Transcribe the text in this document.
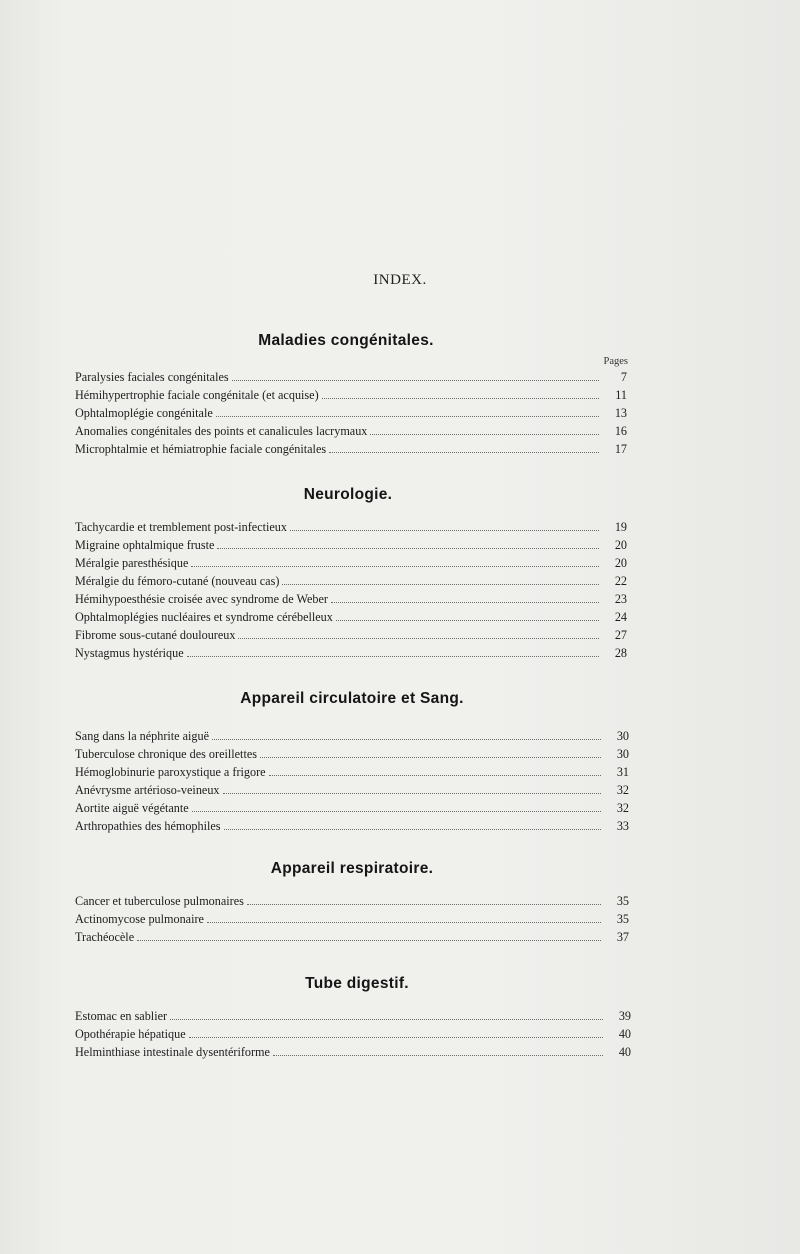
INDEX.
Maladies congénitales.
Pages
Paralysies faciales congénitales	7
Hémihypertrophie faciale congénitale (et acquise)	11
Ophtalmoplégie congénitale	13
Anomalies congénitales des points et canalicules lacrymaux	16
Microphtalmie et hémiatrophie faciale congénitales	17
Neurologie.
Tachycardie et tremblement post-infectieux	19
Migraine ophtalmique fruste	20
Méralgie paresthésique	20
Méralgie du fémoro-cutané (nouveau cas)	22
Hémihypoesthésie croisée avec syndrome de Weber	23
Ophtalmoplégies nucléaires et syndrome cérébelleux	24
Fibrome sous-cutané douloureux	27
Nystagmus hystérique	28
Appareil circulatoire et Sang.
Sang dans la néphrite aiguë	30
Tuberculose chronique des oreillettes	30
Hémoglobinurie paroxystique a frigore	31
Anévrysme artérioso-veineux	32
Aortite aiguë végétante	32
Arthropathies des hémophiles	33
Appareil respiratoire.
Cancer et tuberculose pulmonaires	35
Actinomycose pulmonaire	35
Trachéocèle	37
Tube digestif.
Estomac en sablier	39
Opothérapie hépatique	40
Helminthiase intestinale dysentériforme	40
